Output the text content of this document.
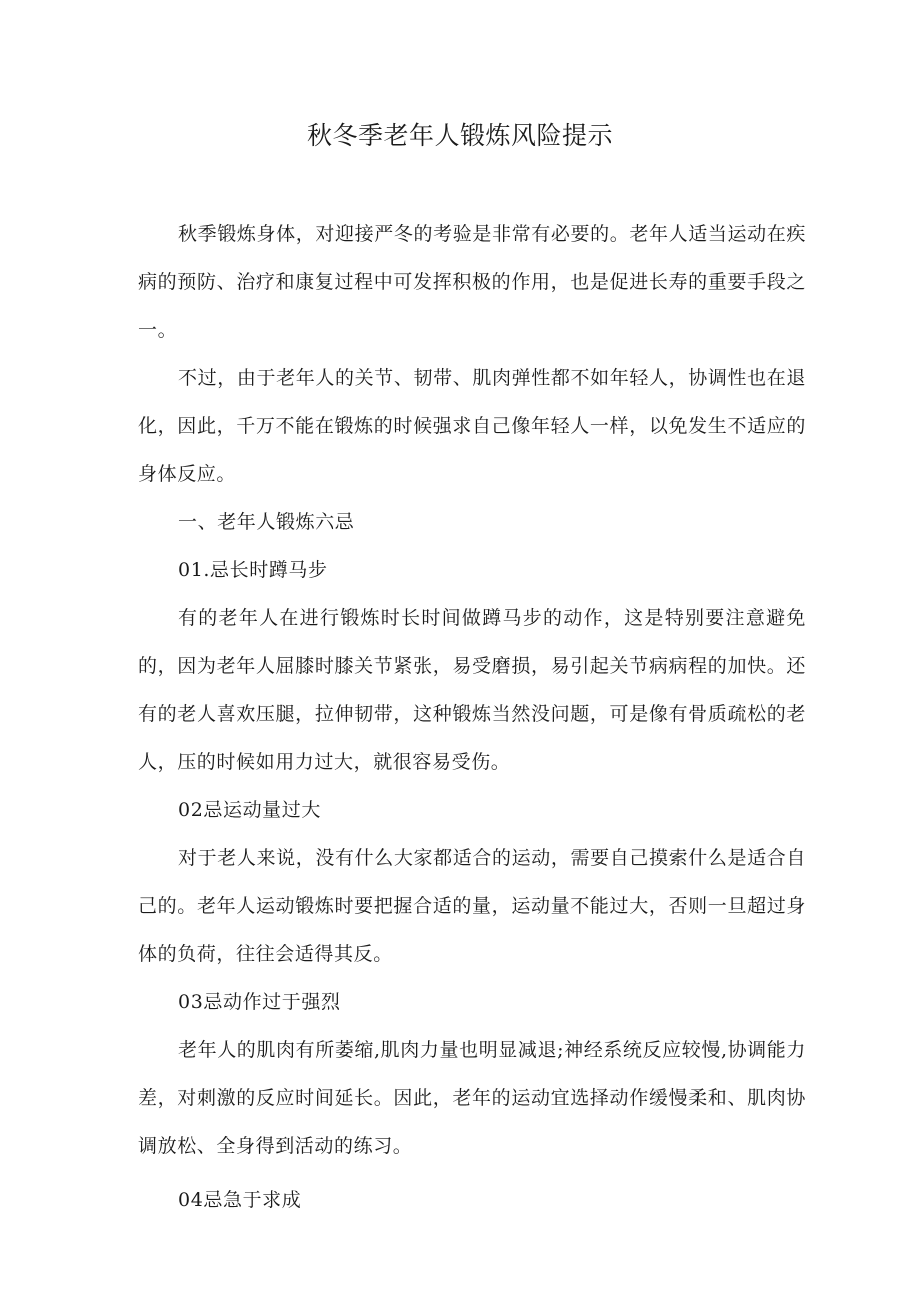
秋冬季老年人锻炼风险提示

秋季锻炼身体，对迎接严冬的考验是非常有必要的。老年人适当运动在疾病的预防、治疗和康复过程中可发挥积极的作用，也是促进长寿的重要手段之一。

不过，由于老年人的关节、韧带、肌肉弹性都不如年轻人，协调性也在退化，因此，千万不能在锻炼的时候强求自己像年轻人一样，以免发生不适应的身体反应。

一、老年人锻炼六忌

01.忌长时蹲马步

有的老年人在进行锻炼时长时间做蹲马步的动作，这是特别要注意避免的，因为老年人屈膝时膝关节紧张，易受磨损，易引起关节病病程的加快。还有的老人喜欢压腿，拉伸韧带，这种锻炼当然没问题，可是像有骨质疏松的老人，压的时候如用力过大，就很容易受伤。

02忌运动量过大

对于老人来说，没有什么大家都适合的运动，需要自己摸索什么是适合自己的。老年人运动锻炼时要把握合适的量，运动量不能过大，否则一旦超过身体的负荷，往往会适得其反。

03忌动作过于强烈

老年人的肌肉有所萎缩,肌肉力量也明显减退;神经系统反应较慢,协调能力差，对刺激的反应时间延长。因此，老年的运动宜选择动作缓慢柔和、肌肉协调放松、全身得到活动的练习。

04忌急于求成
